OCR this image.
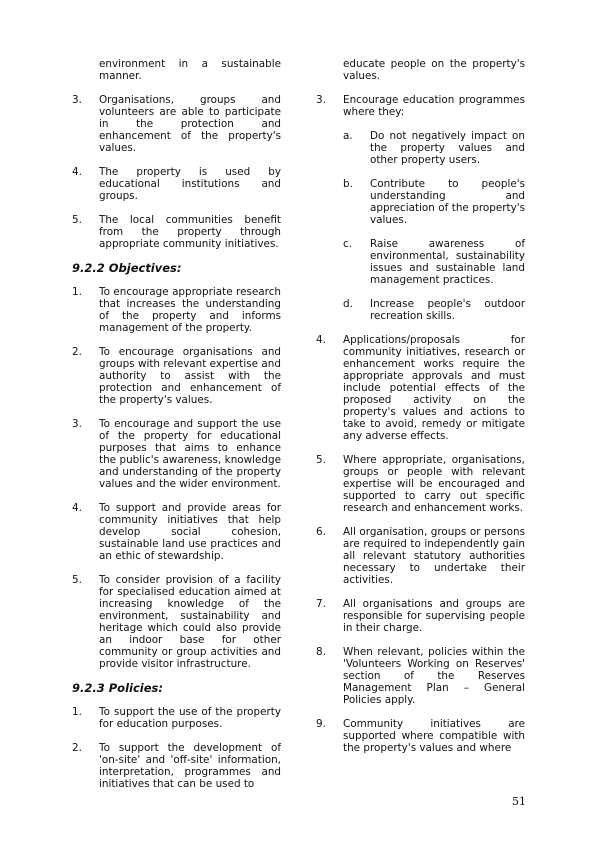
environment in a sustainable manner.
3.	Organisations, groups and volunteers are able to participate in the protection and enhancement of the property's values.
4.	The property is used by educational institutions and groups.
5.	The local communities benefit from the property through appropriate community initiatives.
9.2.2 Objectives:
1.	To encourage appropriate research that increases the understanding of the property and informs management of the property.
2.	To encourage organisations and groups with relevant expertise and authority to assist with the protection and enhancement of the property's values.
3.	To encourage and support the use of the property for educational purposes that aims to enhance the public's awareness, knowledge and understanding of the property values and the wider environment.
4.	To support and provide areas for community initiatives that help develop social cohesion, sustainable land use practices and an ethic of stewardship.
5.	To consider provision of a facility for specialised education aimed at increasing knowledge of the environment, sustainability and heritage which could also provide an indoor base for other community or group activities and provide visitor infrastructure.
9.2.3 Policies:
1.	To support the use of the property for education purposes.
2.	To support the development of 'on-site' and 'off-site' information, interpretation, programmes and initiatives that can be used to
educate people on the property's values.
3.	Encourage education programmes where they:
a.	Do not negatively impact on the property values and other property users.
b.	Contribute to people's understanding and appreciation of the property's values.
c.	Raise awareness of environmental, sustainability issues and sustainable land management practices.
d.	Increase people's outdoor recreation skills.
4.	Applications/proposals for community initiatives, research or enhancement works require the appropriate approvals and must include potential effects of the proposed activity on the property's values and actions to take to avoid, remedy or mitigate any adverse effects.
5.	Where appropriate, organisations, groups or people with relevant expertise will be encouraged and supported to carry out specific research and enhancement works.
6.	All organisation, groups or persons are required to independently gain all relevant statutory authorities necessary to undertake their activities.
7.	All organisations and groups are responsible for supervising people in their charge.
8.	When relevant, policies within the 'Volunteers Working on Reserves' section of the Reserves Management Plan – General Policies apply.
9.	Community initiatives are supported where compatible with the property's values and where
51
